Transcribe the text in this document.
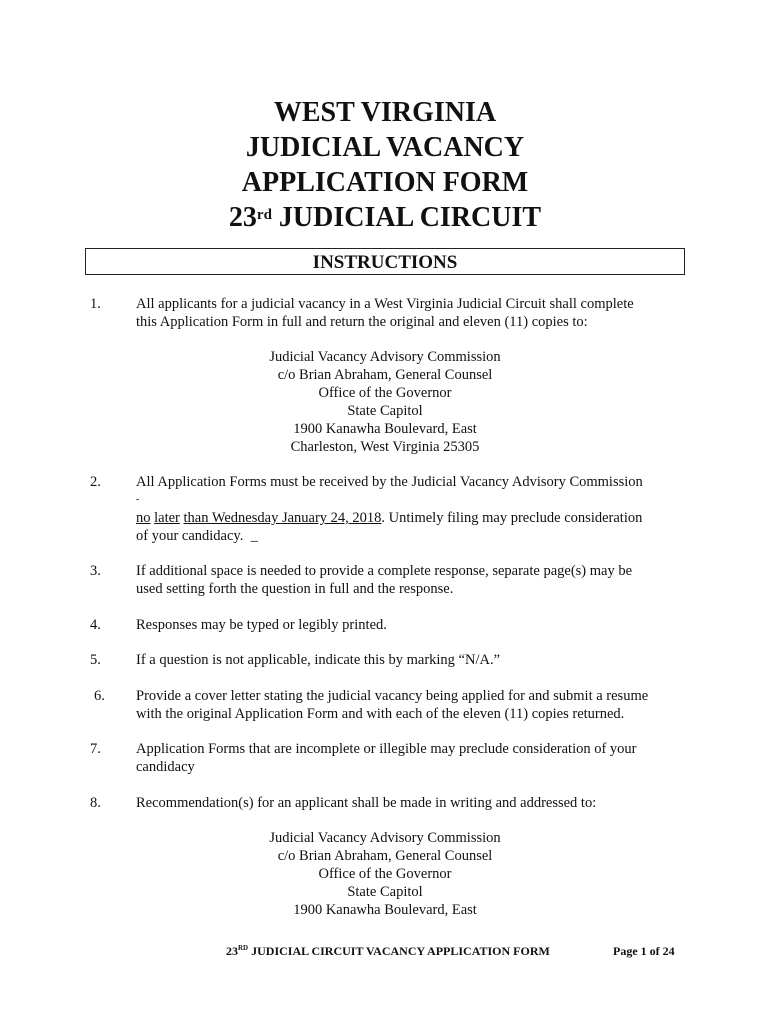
WEST VIRGINIA
JUDICIAL VACANCY
APPLICATION FORM
23rd JUDICIAL CIRCUIT
INSTRUCTIONS
1.	All applicants for a judicial vacancy in a West Virginia Judicial Circuit shall complete
this Application Form in full and return the original and eleven (11) copies to:
Judicial Vacancy Advisory Commission
c/o Brian Abraham, General Counsel
Office of the Governor
State Capitol
1900 Kanawha Boulevard, East
Charleston, West Virginia 25305
2.	All Application Forms must be received by the Judicial Vacancy Advisory Commission
-
no later than Wednesday January 24, 2018. Untimely filing may preclude consideration
of your candidacy. _
3.	If additional space is needed to provide a complete response, separate page(s) may be
used setting forth the question in full and the response.
4.	Responses may be typed or legibly printed.
5.	If a question is not applicable, indicate this by marking “N/A.”
6.	Provide a cover letter stating the judicial vacancy being applied for and submit a resume
with the original Application Form and with each of the eleven (11) copies returned.
7.	Application Forms that are incomplete or illegible may preclude consideration of your
candidacy
8.	Recommendation(s) for an applicant shall be made in writing and addressed to:
Judicial Vacancy Advisory Commission
c/o Brian Abraham, General Counsel
Office of the Governor
State Capitol
1900 Kanawha Boulevard, East
23RD JUDICIAL CIRCUIT VACANCY APPLICATION FORM	Page 1 of 24
